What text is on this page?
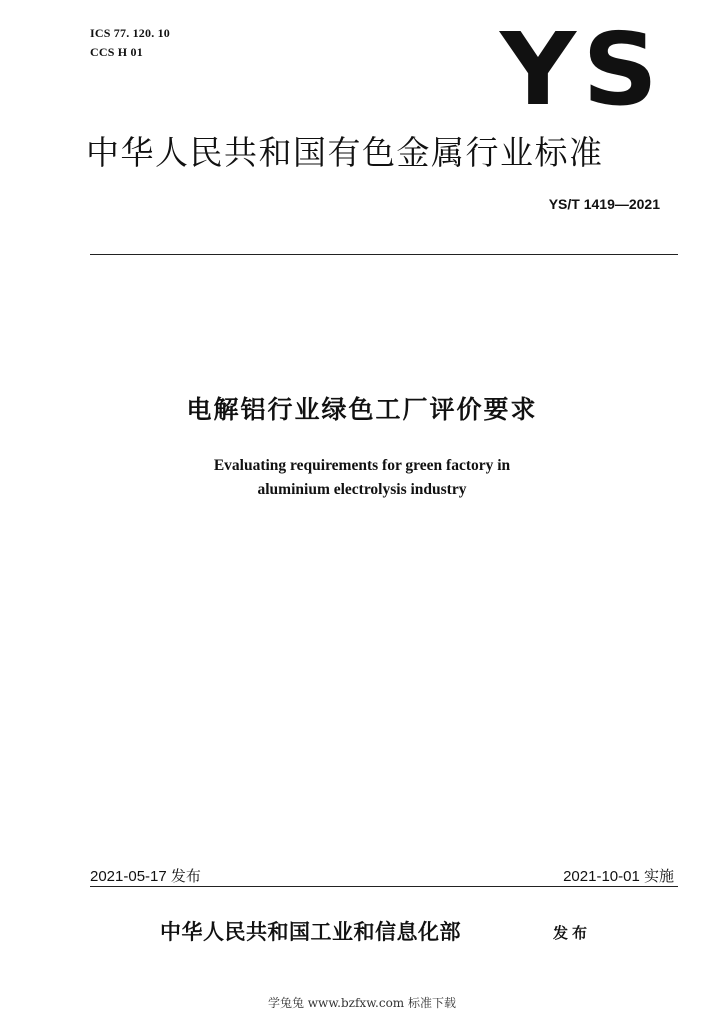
ICS 77. 120. 10
CCS H 01	YS
中华人民共和国有色金属行业标准
YS/T 1419—2021
电解铝行业绿色工厂评价要求
Evaluating requirements for green factory in
aluminium electrolysis industry
2021-05-17 发布	2021-10-01 实施
中华人民共和国工业和信息化部	发布
学兔兔 www.bzfxw.com 标准下载
